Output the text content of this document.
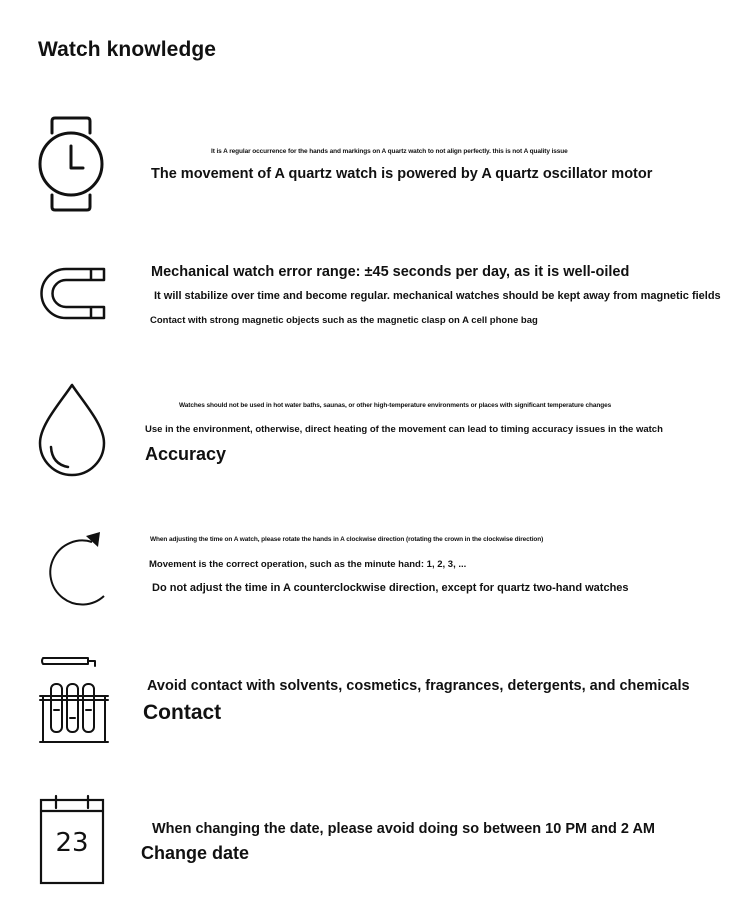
Watch knowledge
It is A regular occurrence for the hands and markings on A quartz watch to not align perfectly. this is not A quality issue
The movement of A quartz watch is powered by A quartz oscillator motor
Mechanical watch error range: ±45 seconds per day, as it is well-oiled
It will stabilize over time and become regular. mechanical watches should be kept away from magnetic fields
Contact with strong magnetic objects such as the magnetic clasp on A cell phone bag
Watches should not be used in hot water baths, saunas, or other high-temperature environments or places with significant temperature changes
Use in the environment, otherwise, direct heating of the movement can lead to timing accuracy issues in the watch
Accuracy
When adjusting the time on A watch, please rotate the hands in A clockwise direction (rotating the crown in the clockwise direction)
Movement is the correct operation, such as the minute hand: 1, 2, 3, ...
Do not adjust the time in A counterclockwise direction, except for quartz two-hand watches
Avoid contact with solvents, cosmetics, fragrances, detergents, and chemicals
Contact
23	When changing the date, please avoid doing so between 10 PM and 2 AM
Change date
